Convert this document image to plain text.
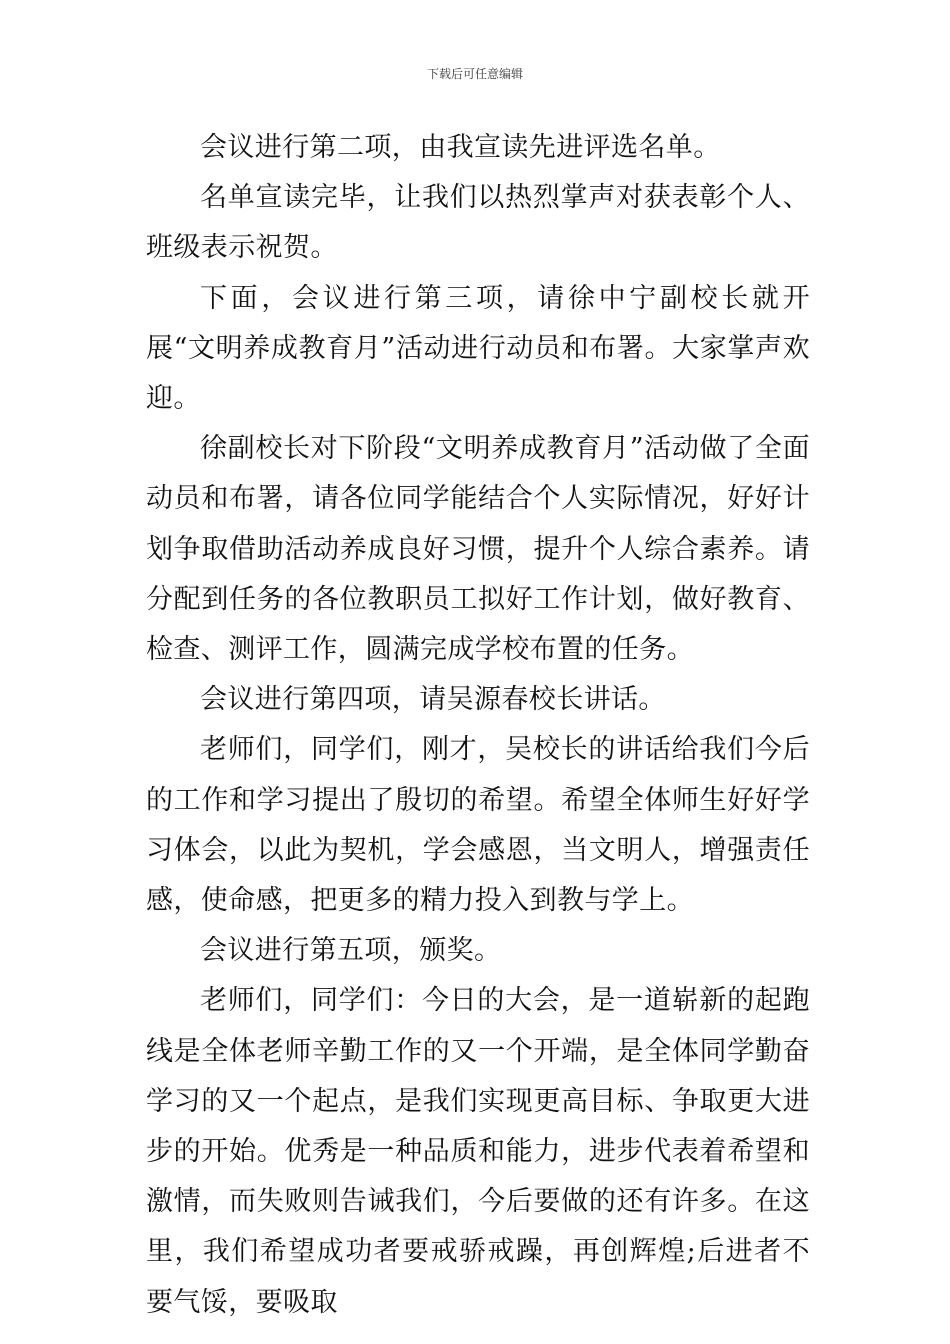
下载后可任意编辑

会议进行第二项，由我宣读先进评选名单。

名单宣读完毕，让我们以热烈掌声对获表彰个人、班级表示祝贺。

下面，会议进行第三项，请徐中宁副校长就开展“文明养成教育月”活动进行动员和布署。大家掌声欢迎。

徐副校长对下阶段“文明养成教育月”活动做了全面动员和布署，请各位同学能结合个人实际情况，好好计划争取借助活动养成良好习惯，提升个人综合素养。请分配到任务的各位教职员工拟好工作计划，做好教育、检查、测评工作，圆满完成学校布置的任务。

会议进行第四项，请吴源春校长讲话。

老师们，同学们，刚才，吴校长的讲话给我们今后的工作和学习提出了殷切的希望。希望全体师生好好学习体会，以此为契机，学会感恩，当文明人，增强责任感，使命感，把更多的精力投入到教与学上。

会议进行第五项，颁奖。

老师们，同学们：今日的大会，是一道崭新的起跑线是全体老师辛勤工作的又一个开端，是全体同学勤奋学习的又一个起点，是我们实现更高目标、争取更大进步的开始。优秀是一种品质和能力，进步代表着希望和激情，而失败则告诫我们，今后要做的还有许多。在这里，我们希望成功者要戒骄戒躁，再创辉煌;后进者不要气馁，要吸取
